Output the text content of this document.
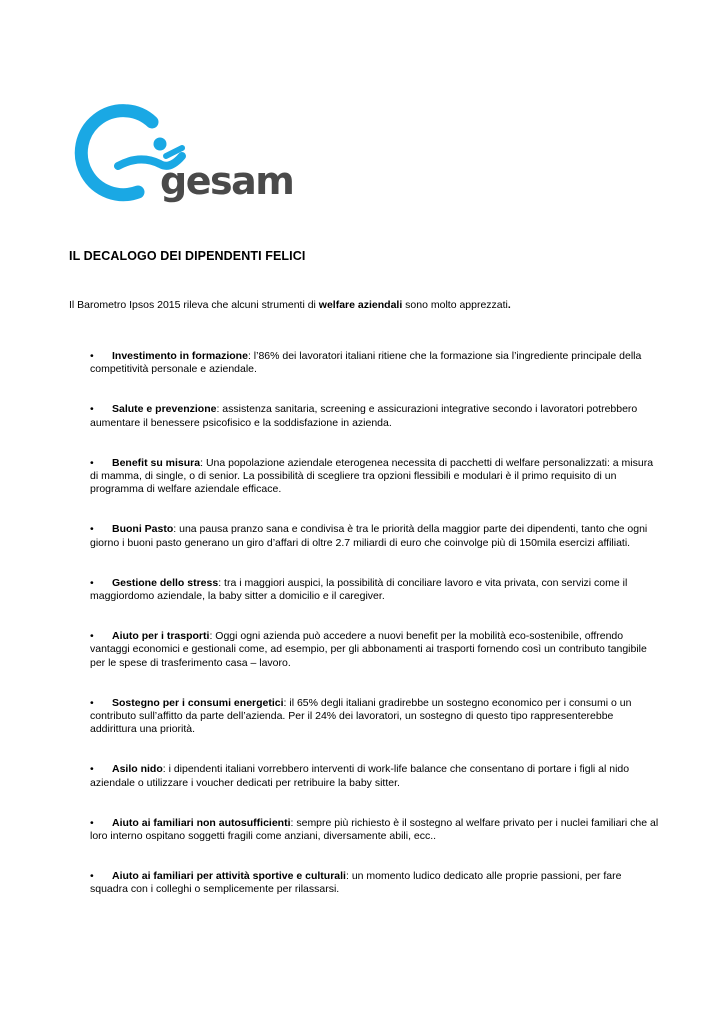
gesam
IL DECALOGO DEI DIPENDENTI FELICI

Il Barometro Ipsos 2015 rileva che alcuni strumenti di welfare aziendali sono molto apprezzati.

• Investimento in formazione: l’86% dei lavoratori italiani ritiene che la formazione sia l’ingrediente principale della competitività personale e aziendale.
• Salute e prevenzione: assistenza sanitaria, screening e assicurazioni integrative secondo i lavoratori potrebbero aumentare il benessere psicofisico e la soddisfazione in azienda.
• Benefit su misura: Una popolazione aziendale eterogenea necessita di pacchetti di welfare personalizzati: a misura di mamma, di single, o di senior. La possibilità di scegliere tra opzioni flessibili e modulari è il primo requisito di un programma di welfare aziendale efficace.
• Buoni Pasto: una pausa pranzo sana e condivisa è tra le priorità della maggior parte dei dipendenti, tanto che ogni giorno i buoni pasto generano un giro d’affari di oltre 2.7 miliardi di euro che coinvolge più di 150mila esercizi affiliati.
• Gestione dello stress: tra i maggiori auspici, la possibilità di conciliare lavoro e vita privata, con servizi come il maggiordomo aziendale, la baby sitter a domicilio e il caregiver.
• Aiuto per i trasporti: Oggi ogni azienda può accedere a nuovi benefit per la mobilità eco-sostenibile, offrendo vantaggi economici e gestionali come, ad esempio, per gli abbonamenti ai trasporti fornendo così un contributo tangibile per le spese di trasferimento casa – lavoro.
• Sostegno per i consumi energetici: il 65% degli italiani gradirebbe un sostegno economico per i consumi o un contributo sull’affitto da parte dell’azienda. Per il 24% dei lavoratori, un sostegno di questo tipo rappresenterebbe addirittura una priorità.
• Asilo nido: i dipendenti italiani vorrebbero interventi di work-life balance che consentano di portare i figli al nido aziendale o utilizzare i voucher dedicati per retribuire la baby sitter.
• Aiuto ai familiari non autosufficienti: sempre più richiesto è il sostegno al welfare privato per i nuclei familiari che al loro interno ospitano soggetti fragili come anziani, diversamente abili, ecc..
• Aiuto ai familiari per attività sportive e culturali: un momento ludico dedicato alle proprie passioni, per fare squadra con i colleghi o semplicemente per rilassarsi.
